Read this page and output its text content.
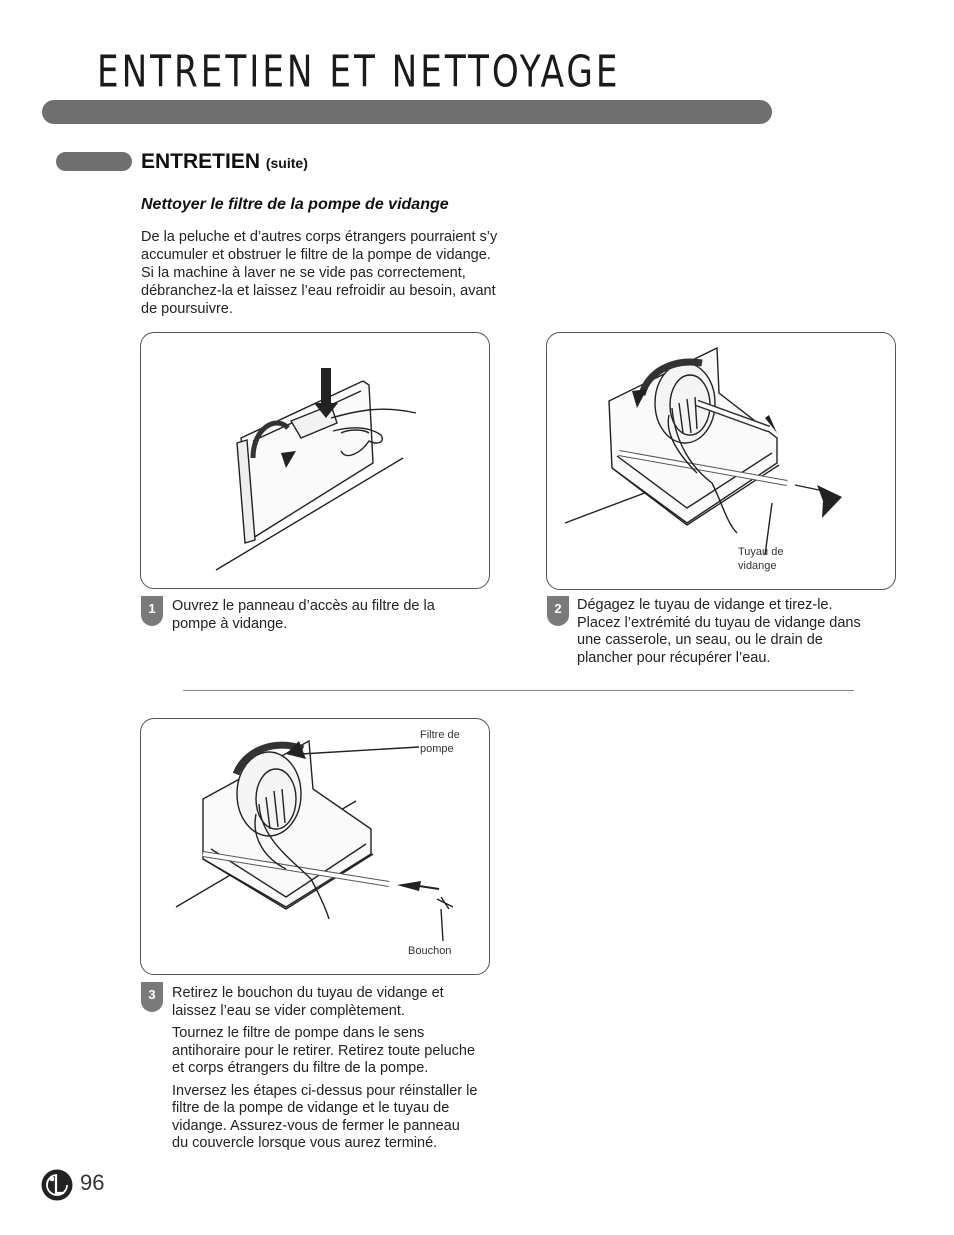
ENTRETIEN ET NETTOYAGE
ENTRETIEN (suite)
Nettoyer le filtre de la pompe de vidange
De la peluche et d’autres corps étrangers pourraient s’y accumuler et obstruer le filtre de la pompe de vidange. Si la machine à laver ne se vide pas correctement, débranchez-la et laissez l’eau refroidir au besoin, avant de poursuivre.
1	Ouvrez le panneau d’accès au filtre de la pompe à vidange.

Tuyau de vidange
2	Dégagez le tuyau de vidange et tirez-le. Placez l’extrémité du tuyau de vidange dans une casserole, un seau, ou le drain de plancher pour récupérer l’eau.

Filtre de pompe
Bouchon
3	Retirez le bouchon du tuyau de vidange et laissez l’eau se vider complètement.

Tournez le filtre de pompe dans le sens antihoraire pour le retirer. Retirez toute peluche et corps étrangers du filtre de la pompe.

Inversez les étapes ci-dessus pour réinstaller le filtre de la pompe de vidange et le tuyau de vidange. Assurez-vous de fermer le panneau du couvercle lorsque vous aurez terminé.

96
